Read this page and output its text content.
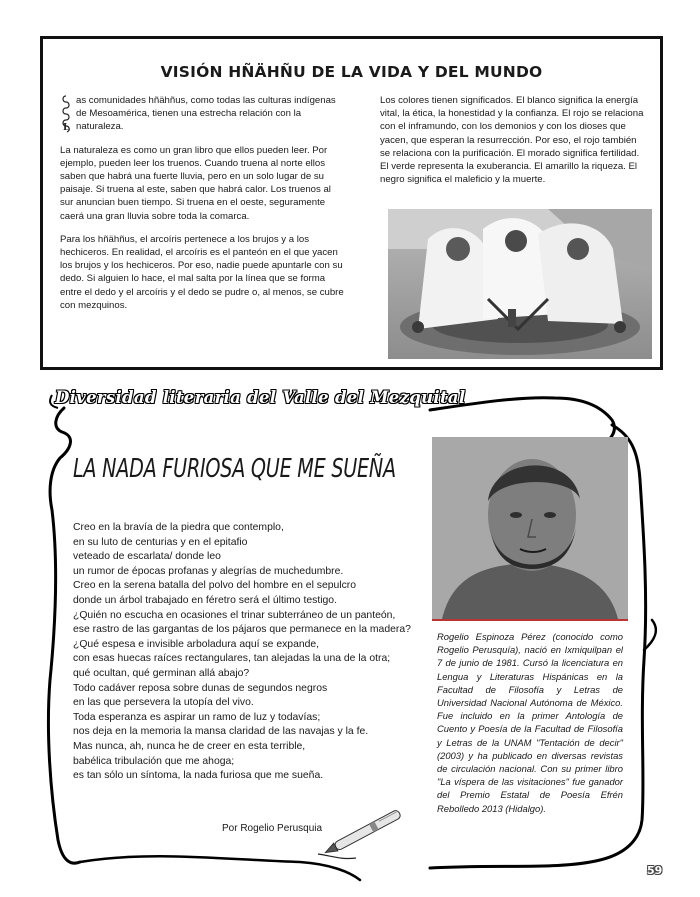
VISIÓN HÑÄHÑU DE LA VIDA Y DEL MUNDO
L
as comunidades hñähñus, como todas las culturas indígenas de Mesoamérica, tienen una estrecha relación con la naturaleza.

La naturaleza es como un gran libro que ellos pueden leer. Por ejemplo, pueden leer los truenos. Cuando truena al norte ellos saben que habrá una fuerte lluvia, pero en un solo lugar de su paisaje. Si truena al este, saben que habrá calor. Los truenos al sur anuncian buen tiempo. Si truena en el oeste, seguramente caerá una gran lluvia sobre toda la comarca.

Para los hñähñus, el arcoíris pertenece a los brujos y a los hechiceros. En realidad, el arcoíris es el panteón en el que yacen los brujos y los hechiceros. Por eso, nadie puede apuntarle con su dedo. Si alguien lo hace, el mal salta por la línea que se forma entre el dedo y el arcoíris y el dedo se pudre o, al menos, se cubre con mezquinos.

Los colores tienen significados. El blanco significa la energía vital, la ética, la honestidad y la confianza. El rojo se relaciona con el inframundo, con los demonios y con los dioses que yacen, que esperan la resurrección. Por eso, el rojo también se relaciona con la purificación. El morado significa fertilidad. El verde representa la exuberancia. El amarillo la riqueza. El negro significa el maleficio y la muerte.

Diversidad literaria del Valle del Mezquital
LA NADA FURIOSA QUE ME SUEÑA
Creo en la bravía de la piedra que contemplo,
en su luto de centurias y en el epitafio
veteado de escarlata/ donde leo
un rumor de épocas profanas y alegrías de muchedumbre.
Creo en la serena batalla del polvo del hombre en el sepulcro
donde un árbol trabajado en féretro será el último testigo.
¿Quién no escucha en ocasiones el trinar subterráneo de un panteón,
ese rastro de las gargantas de los pájaros que permanece en la madera?
¿Qué espesa e invisible arboladura aquí se expande,
con esas huecas raíces rectangulares, tan alejadas la una de la otra;
qué ocultan, qué germinan allá abajo?
Todo cadáver reposa sobre dunas de segundos negros
en las que persevera la utopía del vivo.
Toda esperanza es aspirar un ramo de luz y todavías;
nos deja en la memoria la mansa claridad de las navajas y la fe.
Mas nunca, ah, nunca he de creer en esta terrible,
babélica tribulación que me ahoga;
es tan sólo un síntoma, la nada furiosa que me sueña.
Por Rogelio Perusquia
Rogelio Espinoza Pérez (conocido como Rogelio Perusquía), nació en Ixmiquilpan el 7 de junio de 1981. Cursó la licenciatura en Lengua y Literaturas Hispánicas en la Facultad de Filosofía y Letras de Universidad Nacional Autónoma de México. Fue incluido en la primer Antología de Cuento y Poesía de la Facultad de Filosofía y Letras de la UNAM "Tentación de decir" (2003) y ha publicado en diversas revistas de circulación nacional. Con su primer libro "La víspera de las visitaciones" fue ganador del Premio Estatal de Poesía Efrén Rebolledo 2013 (Hidalgo).
59
